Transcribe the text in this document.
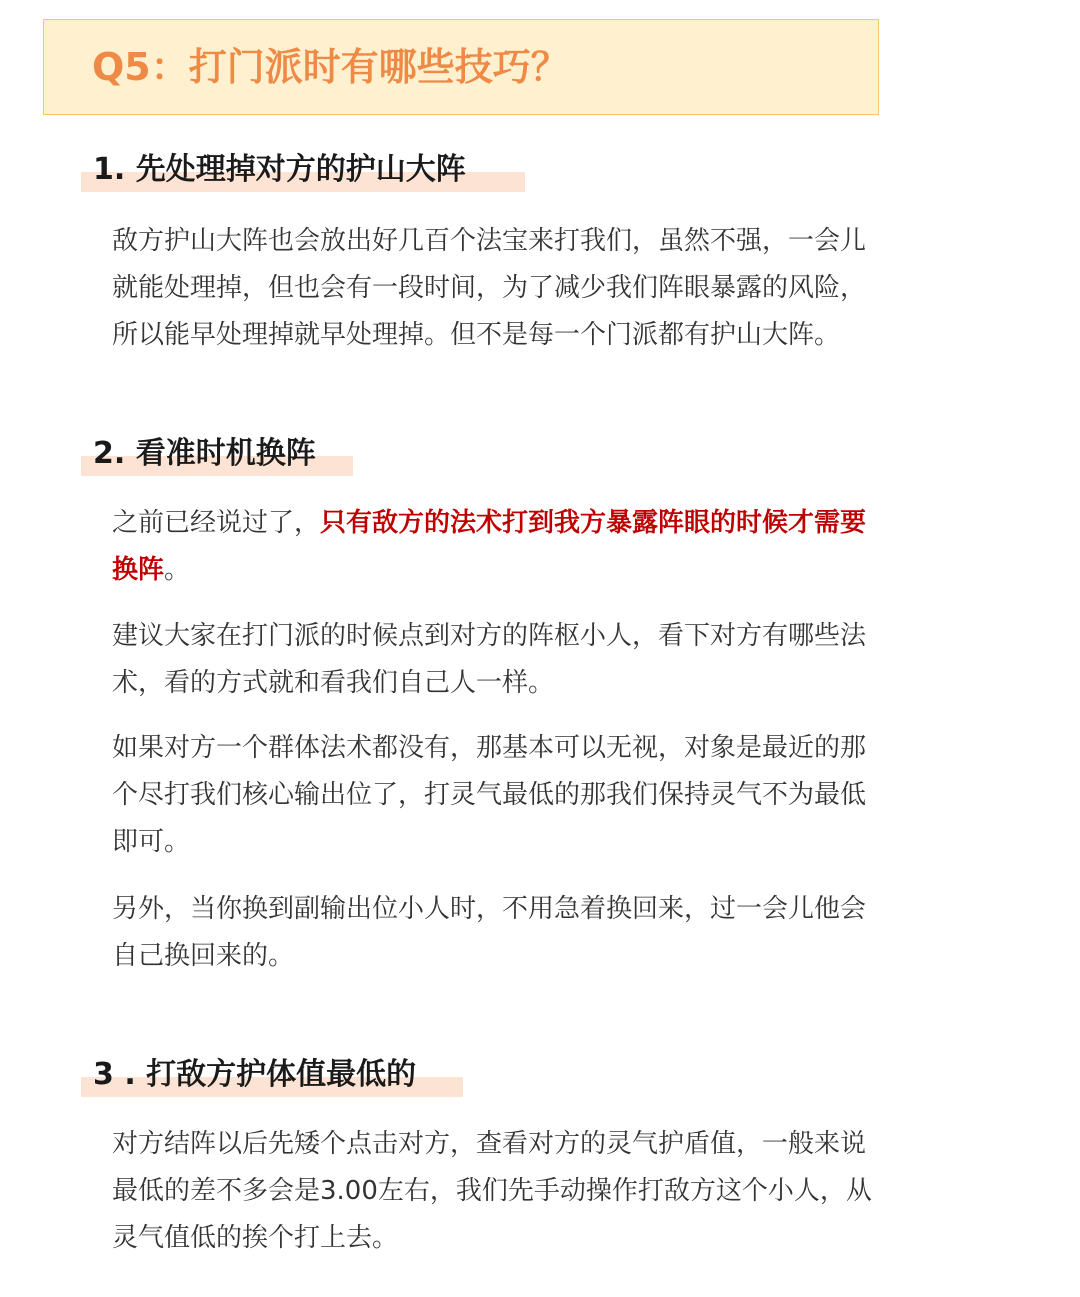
Q5：打门派时有哪些技巧？
1. 先处理掉对方的护山大阵

敌方护山大阵也会放出好几百个法宝来打我们，虽然不强，一会儿
就能处理掉，但也会有一段时间，为了减少我们阵眼暴露的风险，
所以能早处理掉就早处理掉。但不是每一个门派都有护山大阵。

2. 看准时机换阵

之前已经说过了，只有敌方的法术打到我方暴露阵眼的时候才需要
换阵。

建议大家在打门派的时候点到对方的阵枢小人，看下对方有哪些法
术，看的方式就和看我们自己人一样。

如果对方一个群体法术都没有，那基本可以无视，对象是最近的那
个尽打我们核心输出位了，打灵气最低的那我们保持灵气不为最低
即可。

另外，当你换到副输出位小人时，不用急着换回来，过一会儿他会
自己换回来的。

3 . 打敌方护体值最低的

对方结阵以后先矮个点击对方，查看对方的灵气护盾值，一般来说
最低的差不多会是3.00左右，我们先手动操作打敌方这个小人，从
灵气值低的挨个打上去。
